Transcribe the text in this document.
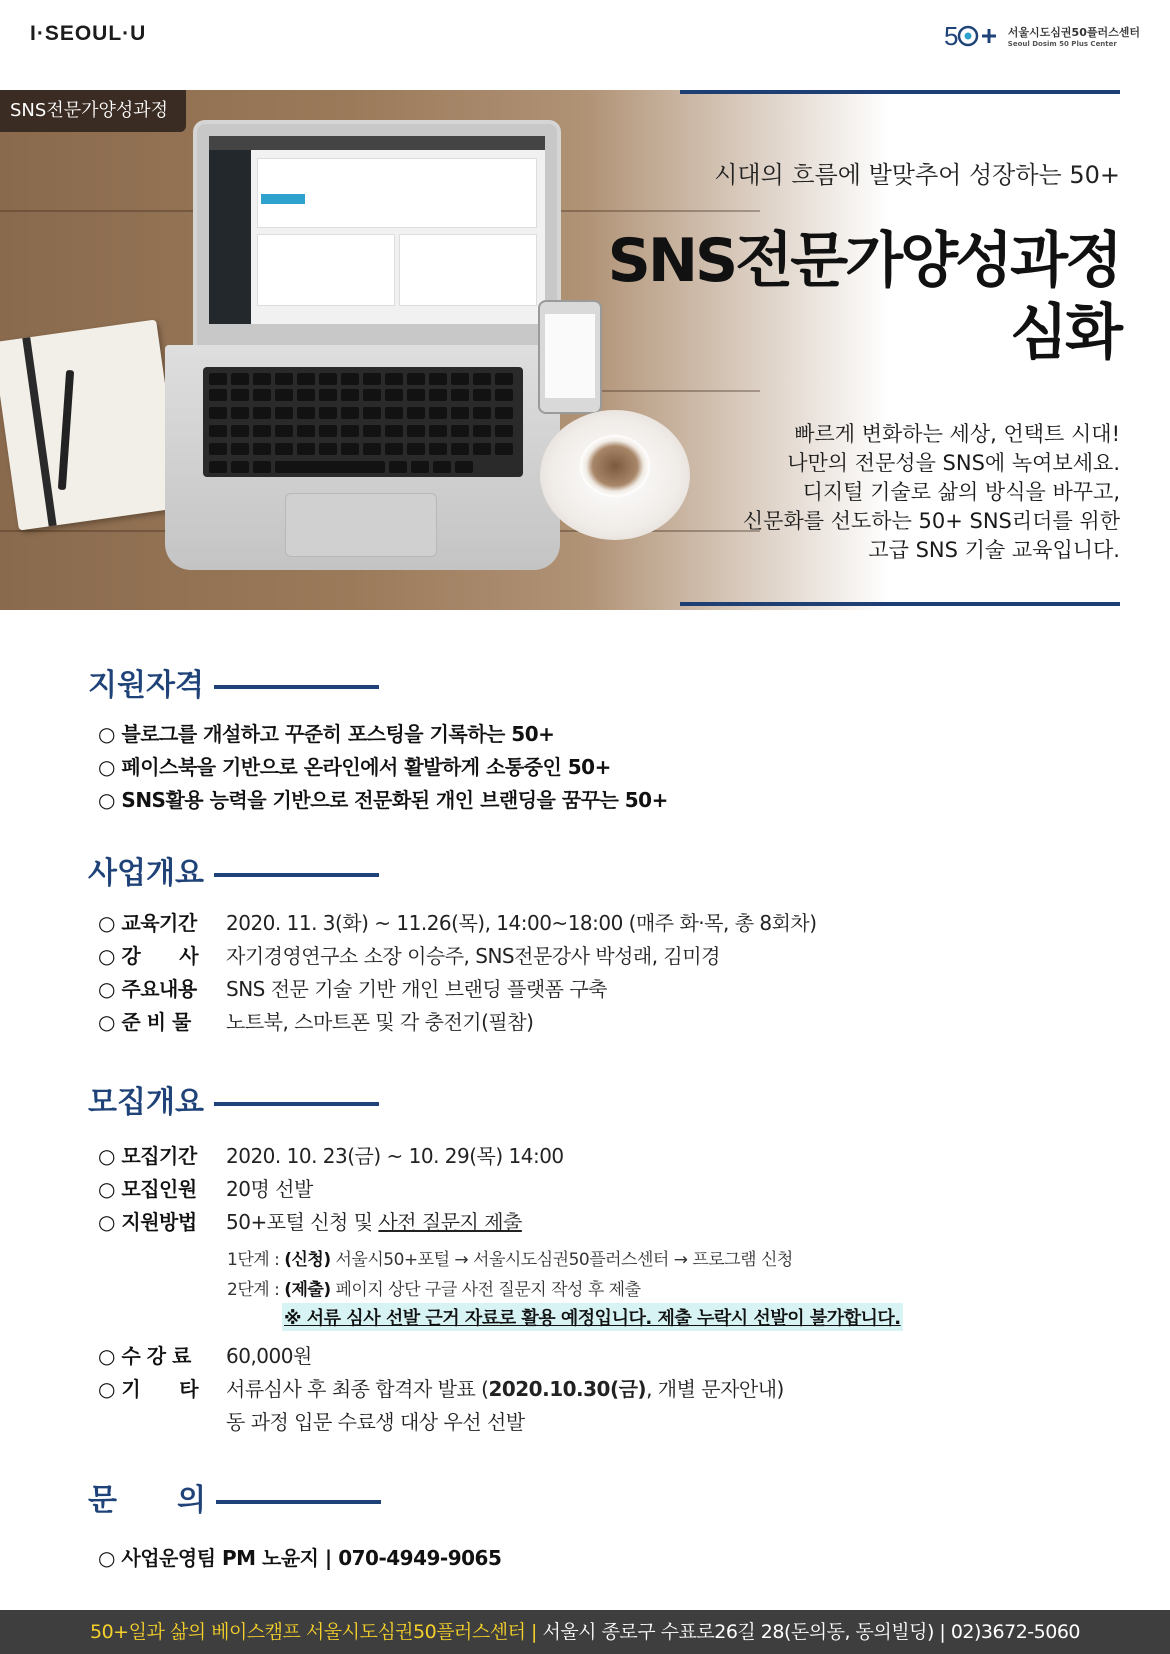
I·SEOUL·U	5	서울시도심권50플러스센터
Seoul Dosim 50 Plus Center
SNS전문가양성과정
시대의 흐름에 발맞추어 성장하는 50+
SNS전문가양성과정
심화
빠르게 변화하는 세상, 언택트 시대!
나만의 전문성을 SNS에 녹여보세요.
디지털 기술로 삶의 방식을 바꾸고,
신문화를 선도하는 50+ SNS리더를 위한
고급 SNS 기술 교육입니다.
지원자격
○ 블로그를 개설하고 꾸준히 포스팅을 기록하는 50+
○ 페이스북을 기반으로 온라인에서 활발하게 소통중인 50+
○ SNS활용 능력을 기반으로 전문화된 개인 브랜딩을 꿈꾸는 50+
사업개요
○ 교육기간	2020. 11. 3(화) ~ 11.26(목), 14:00~18:00 (매주 화·목, 총 8회차)
○ 강　　사	자기경영연구소 소장 이승주, SNS전문강사 박성래, 김미경
○ 주요내용	SNS 전문 기술 기반 개인 브랜딩 플랫폼 구축
○ 준 비 물	노트북, 스마트폰 및 각 충전기(필참)
모집개요
○ 모집기간	2020. 10. 23(금) ~ 10. 29(목) 14:00
○ 모집인원	20명 선발
○ 지원방법	50+포털 신청 및 사전 질문지 제출
1단계 : (신청) 서울시50+포털 → 서울시도심권50플러스센터 → 프로그램 신청
2단계 : (제출) 페이지 상단 구글 사전 질문지 작성 후 제출
※ 서류 심사 선발 근거 자료로 활용 예정입니다. 제출 누락시 선발이 불가합니다.
○ 수 강 료	60,000원
○ 기　　타	서류심사 후 최종 합격자 발표 (2020.10.30(금), 개별 문자안내)
동 과정 입문 수료생 대상 우선 선발
문　　의
○ 사업운영팀 PM 노윤지 | 070-4949-9065
50+일과 삶의 베이스캠프 서울시도심권50플러스센터 | 서울시 종로구 수표로26길 28(돈의동, 동의빌딩) | 02)3672-5060
